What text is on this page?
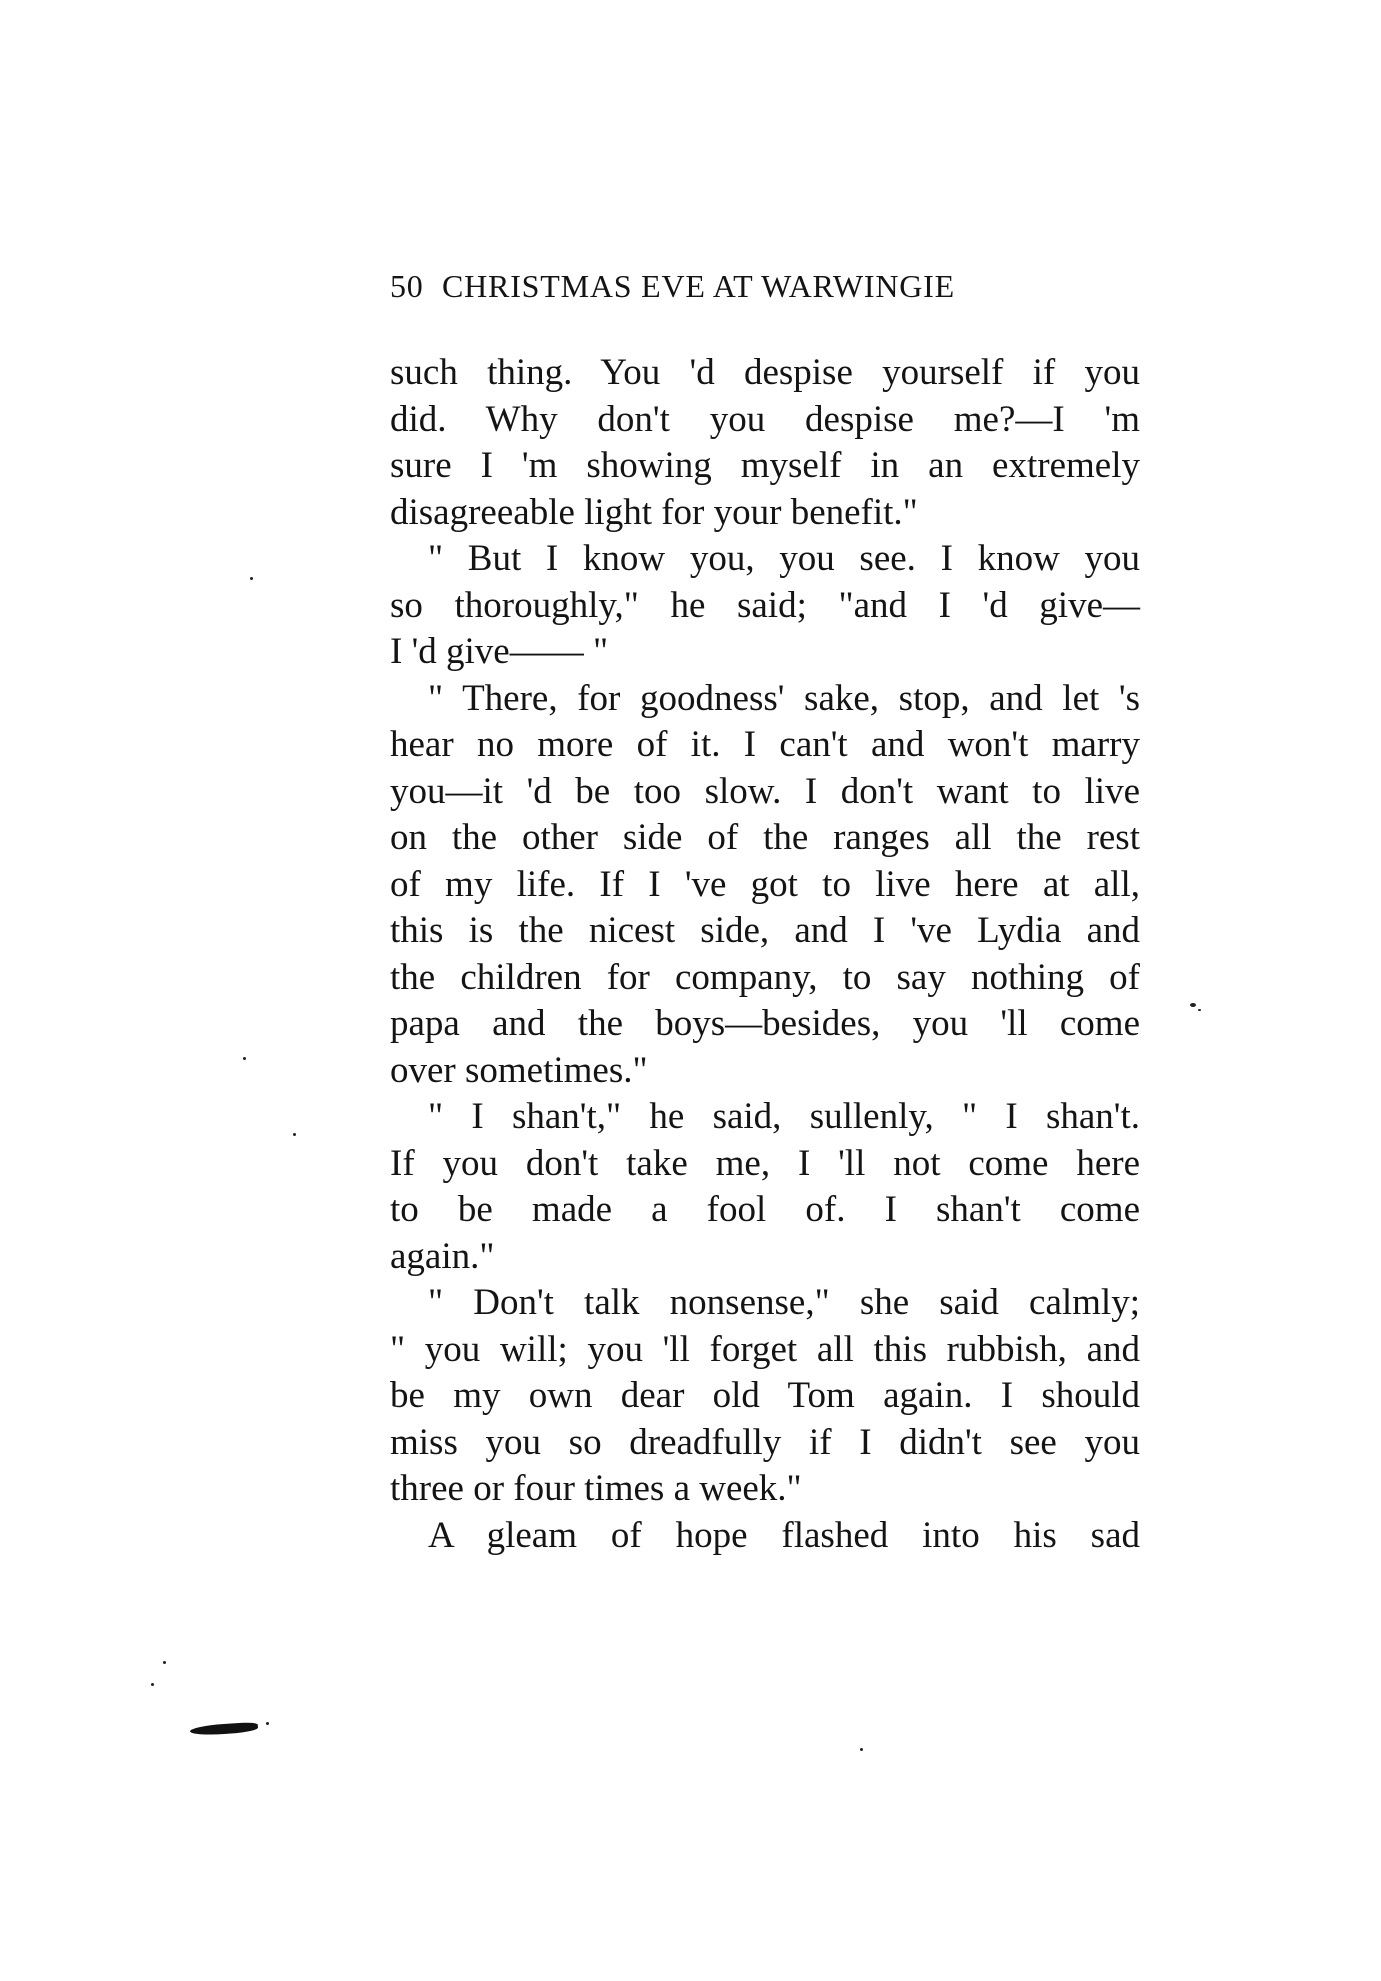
50 CHRISTMAS EVE AT WARWINGIE
such thing. You 'd despise yourself if you
did. Why don't you despise me?—I 'm
sure I 'm showing myself in an extremely
disagreeable light for your benefit."
" But I know you, you see. I know you
so thoroughly," he said; "and I 'd give—
I 'd give—— "
" There, for goodness' sake, stop, and let 's
hear no more of it. I can't and won't marry
you—it 'd be too slow. I don't want to live
on the other side of the ranges all the rest
of my life. If I 've got to live here at all,
this is the nicest side, and I 've Lydia and
the children for company, to say nothing of
papa and the boys—besides, you 'll come
over sometimes."
" I shan't," he said, sullenly, " I shan't.
If you don't take me, I 'll not come here
to be made a fool of. I shan't come
again."
" Don't talk nonsense," she said calmly;
" you will; you 'll forget all this rubbish, and
be my own dear old Tom again. I should
miss you so dreadfully if I didn't see you
three or four times a week."
A gleam of hope flashed into his sad
